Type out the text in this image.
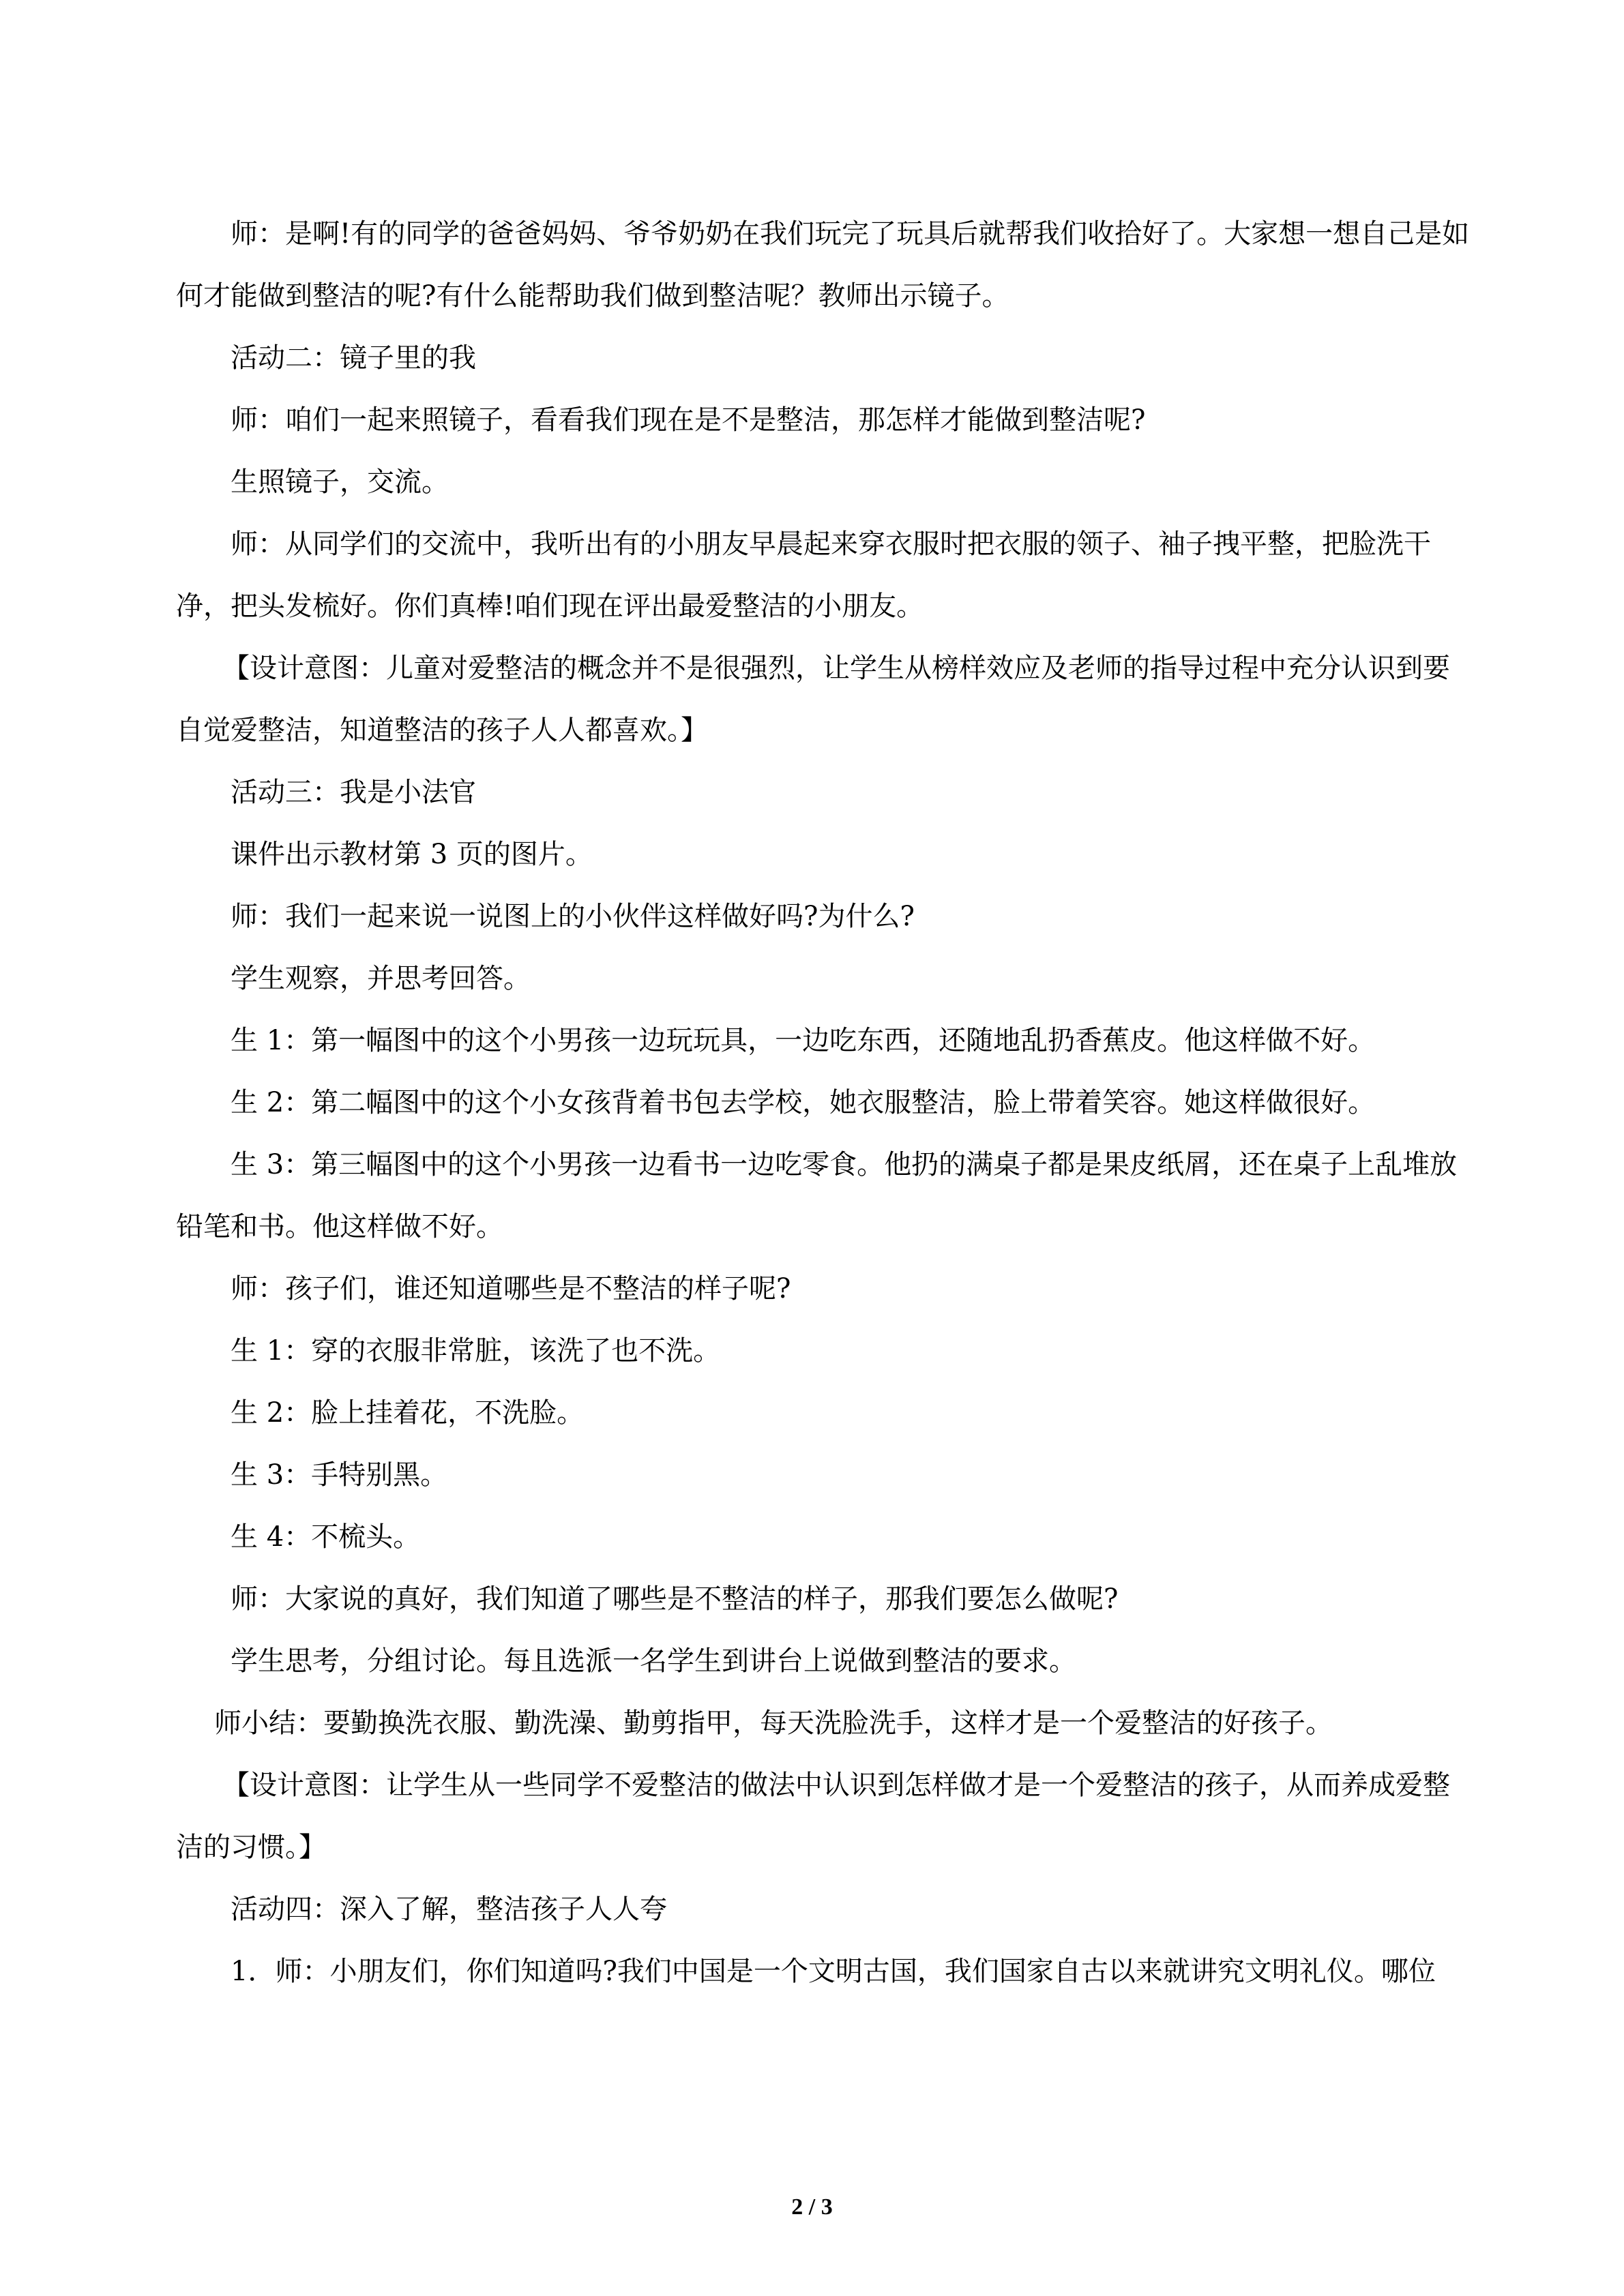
师：是啊!有的同学的爸爸妈妈、爷爷奶奶在我们玩完了玩具后就帮我们收拾好了。大家想一想自己是如何才能做到整洁的呢?有什么能帮助我们做到整洁呢？教师出示镜子。

活动二：镜子里的我

师：咱们一起来照镜子，看看我们现在是不是整洁，那怎样才能做到整洁呢?

生照镜子，交流。

师：从同学们的交流中，我听出有的小朋友早晨起来穿衣服时把衣服的领子、袖子拽平整，把脸洗干净，把头发梳好。你们真棒!咱们现在评出最爱整洁的小朋友。

【设计意图：儿童对爱整洁的概念并不是很强烈，让学生从榜样效应及老师的指导过程中充分认识到要自觉爱整洁，知道整洁的孩子人人都喜欢。】

活动三：我是小法官

课件出示教材第 3 页的图片。

师：我们一起来说一说图上的小伙伴这样做好吗?为什么?

学生观察，并思考回答。

生 1：第一幅图中的这个小男孩一边玩玩具，一边吃东西，还随地乱扔香蕉皮。他这样做不好。

生 2：第二幅图中的这个小女孩背着书包去学校，她衣服整洁，脸上带着笑容。她这样做很好。

生 3：第三幅图中的这个小男孩一边看书一边吃零食。他扔的满桌子都是果皮纸屑，还在桌子上乱堆放铅笔和书。他这样做不好。

师：孩子们，谁还知道哪些是不整洁的样子呢?

生 1：穿的衣服非常脏，该洗了也不洗。

生 2：脸上挂着花，不洗脸。

生 3：手特别黑。

生 4：不梳头。

师：大家说的真好，我们知道了哪些是不整洁的样子，那我们要怎么做呢?

学生思考，分组讨论。每且选派一名学生到讲台上说做到整洁的要求。

师小结：要勤换洗衣服、勤洗澡、勤剪指甲，每天洗脸洗手，这样才是一个爱整洁的好孩子。

【设计意图：让学生从一些同学不爱整洁的做法中认识到怎样做才是一个爱整洁的孩子，从而养成爱整洁的习惯。】

活动四：深入了解，整洁孩子人人夸

1．师：小朋友们，你们知道吗?我们中国是一个文明古国，我们国家自古以来就讲究文明礼仪。哪位

2 / 3
